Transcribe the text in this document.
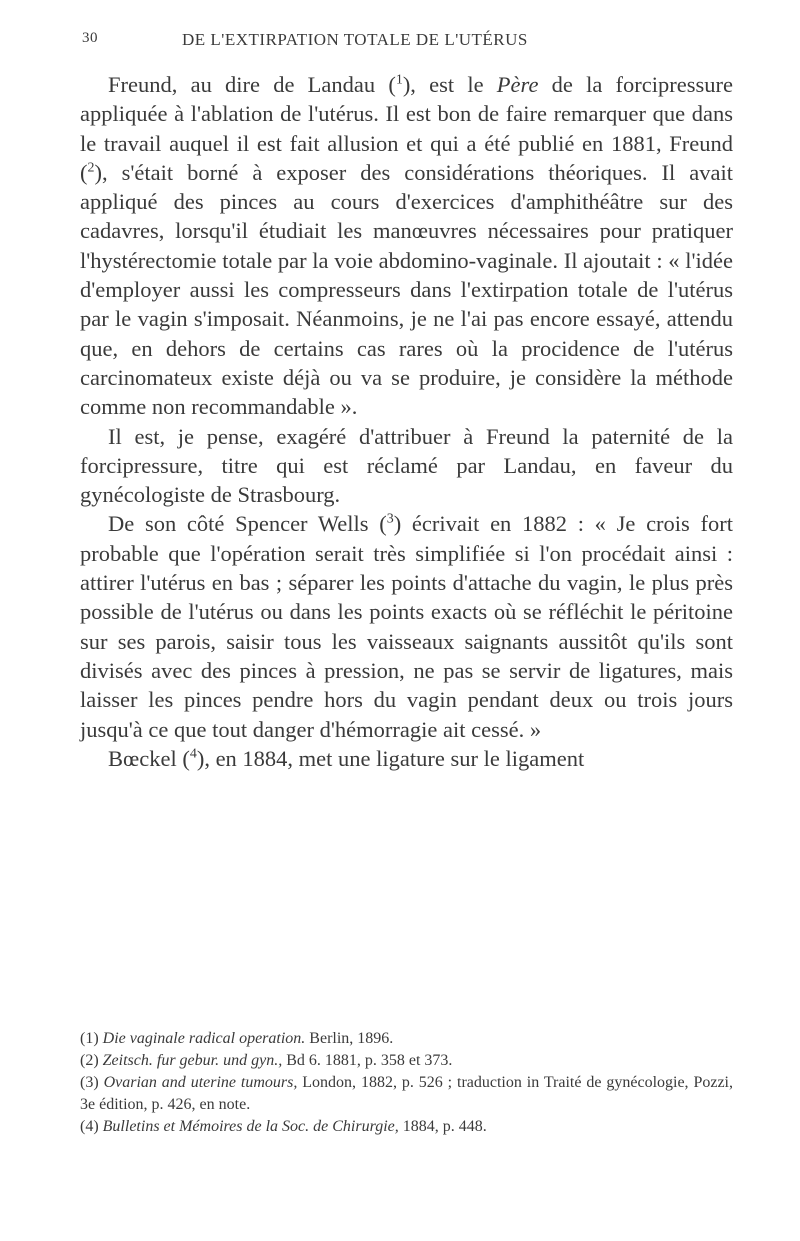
30	DE L'EXTIRPATION TOTALE DE L'UTÉRUS

Freund, au dire de Landau ($^1$), est le Père de la forcipressure appliquée à l'ablation de l'utérus. Il est bon de faire remarquer que dans le travail auquel il est fait allusion et qui a été publié en 1881, Freund ($^2$), s'était borné à exposer des considérations théoriques. Il avait appliqué des pinces au cours d'exercices d'amphithéâtre sur des cadavres, lorsqu'il étudiait les manœuvres nécessaires pour pratiquer l'hystérectomie totale par la voie abdomino-vaginale. Il ajoutait : « l'idée d'employer aussi les compresseurs dans l'extirpation totale de l'utérus par le vagin s'imposait. Néanmoins, je ne l'ai pas encore essayé, attendu que, en dehors de certains cas rares où la procidence de l'utérus carcinomateux existe déjà ou va se produire, je considère la méthode comme non recommandable ».

Il est, je pense, exagéré d'attribuer à Freund la paternité de la forcipressure, titre qui est réclamé par Landau, en faveur du gynécologiste de Strasbourg.

De son côté Spencer Wells ($^3$) écrivait en 1882 : « Je crois fort probable que l'opération serait très simplifiée si l'on procédait ainsi : attirer l'utérus en bas ; séparer les points d'attache du vagin, le plus près possible de l'utérus ou dans les points exacts où se réfléchit le péritoine sur ses parois, saisir tous les vaisseaux saignants aussitôt qu'ils sont divisés avec des pinces à pression, ne pas se servir de ligatures, mais laisser les pinces pendre hors du vagin pendant deux ou trois jours jusqu'à ce que tout danger d'hémorragie ait cessé. »

Bœckel ($^4$), en 1884, met une ligature sur le ligament

(1) Die vaginale radical operation. Berlin, 1896.

(2) Zeitsch. fur gebur. und gyn., Bd 6. 1881, p. 358 et 373.

(3) Ovarian and uterine tumours, London, 1882, p. 526 ; traduction in Traité de gynécologie, Pozzi, 3e édition, p. 426, en note.

(4) Bulletins et Mémoires de la Soc. de Chirurgie, 1884, p. 448.
